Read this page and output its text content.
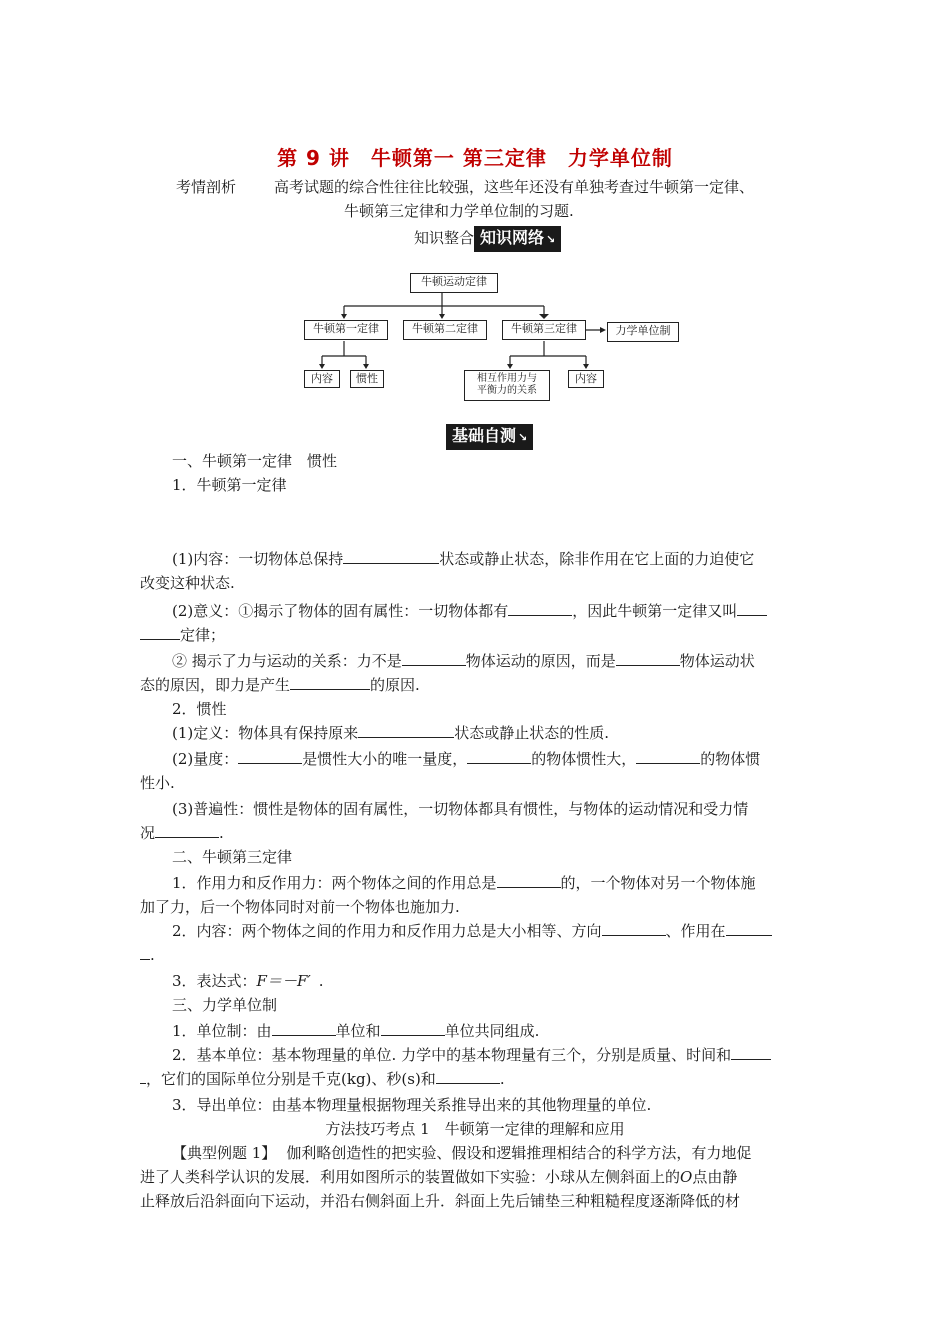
第 9 讲　牛顿第一 第三定律　力学单位制
考情剖析	高考试题的综合性往往比较强，这些年还没有单独考查过牛顿第一定律、
牛顿第三定律和力学单位制的习题.
知识整合 知识网络 ↘
牛顿运动定律
牛顿第一定律	牛顿第二定律	牛顿第三定律	力学单位制
内容	惯性	相互作用力与
平衡力的关系
内容
基础自测 ↘
一、牛顿第一定律　惯性
1．牛顿第一定律
(1)内容：一切物体总保持	状态或静止状态，除非作用在它上面的力迫使它
改变这种状态.
(2)意义：①揭示了物体的固有属性：一切物体都有	，因此牛顿第一定律又叫
定律；
② 揭示了力与运动的关系：力不是	物体运动的原因，而是	物体运动状
态的原因，即力是产生	的原因.
2．惯性
(1)定义：物体具有保持原来	状态或静止状态的性质.
(2)量度：	是惯性大小的唯一量度，	的物体惯性大，	的物体惯
性小.
(3)普遍性：惯性是物体的固有属性，一切物体都具有惯性，与物体的运动情况和受力情
况	.
二、牛顿第三定律
1．作用力和反作用力：两个物体之间的作用总是	的，一个物体对另一个物体施
加了力，后一个物体同时对前一个物体也施加力.
2．内容：两个物体之间的作用力和反作用力总是大小相等、方向	、作用在
.
3．表达式：F＝－F′ .
三、力学单位制
1．单位制：由	单位和	单位共同组成.
2．基本单位：基本物理量的单位. 力学中的基本物理量有三个，分别是质量、时间和
，它们的国际单位分别是千克(kg)、秒(s)和	.
3．导出单位：由基本物理量根据物理关系推导出来的其他物理量的单位.
方法技巧考点 1　牛顿第一定律的理解和应用
【典型例题 1】 伽利略创造性的把实验、假设和逻辑推理相结合的科学方法，有力地促
进了人类科学认识的发展．利用如图所示的装置做如下实验：小球从左侧斜面上的O点由静
止释放后沿斜面向下运动，并沿右侧斜面上升．斜面上先后铺垫三种粗糙程度逐渐降低的材
